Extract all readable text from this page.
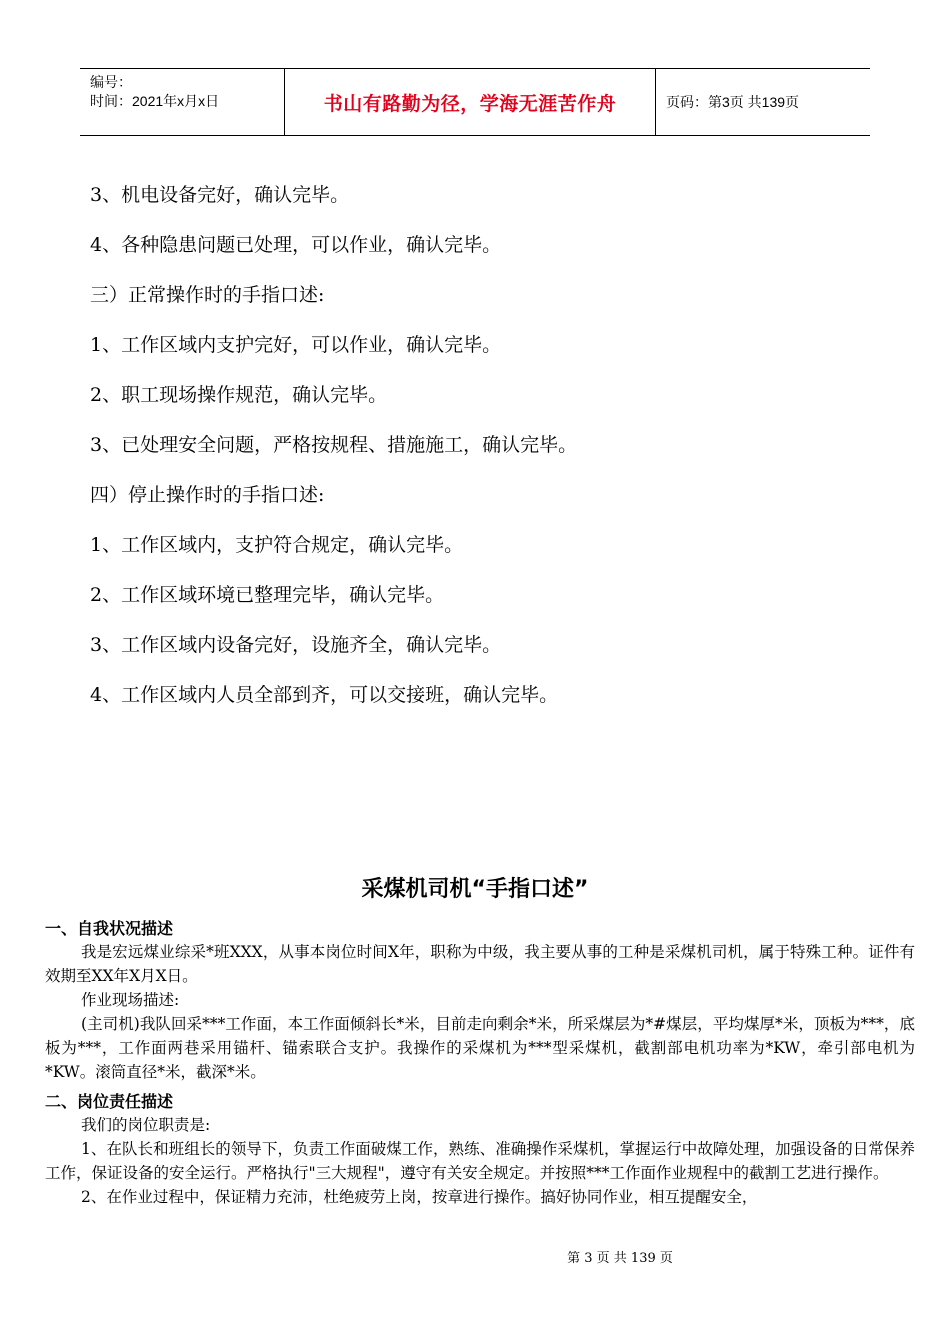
编号：
时间：2021年x月x日	书山有路勤为径，学海无涯苦作舟	页码：第3页 共139页

3、机电设备完好，确认完毕。

4、各种隐患问题已处理，可以作业，确认完毕。

三）正常操作时的手指口述:

1、工作区域内支护完好，可以作业，确认完毕。

2、职工现场操作规范，确认完毕。

3、已处理安全问题，严格按规程、措施施工，确认完毕。

四）停止操作时的手指口述:

1、工作区域内，支护符合规定，确认完毕。

2、工作区域环境已整理完毕，确认完毕。

3、工作区域内设备完好，设施齐全，确认完毕。

4、工作区域内人员全部到齐，可以交接班，确认完毕。

采煤机司机“手指口述”
一、自我状况描述

我是宏远煤业综采*班XXX，从事本岗位时间X年，职称为中级，我主要从事的工种是采煤机司机，属于特殊工种。证件有效期至XX年X月X日。

作业现场描述:

(主司机)我队回采***工作面，本工作面倾斜长*米，目前走向剩余*米，所采煤层为*#煤层，平均煤厚*米，顶板为***，底板为***，工作面两巷采用锚杆、锚索联合支护。我操作的采煤机为***型采煤机，截割部电机功率为*KW，牵引部电机为*KW。滚筒直径*米，截深*米。

二、岗位责任描述

我们的岗位职责是:

1、在队长和班组长的领导下，负责工作面破煤工作，熟练、准确操作采煤机，掌握运行中故障处理，加强设备的日常保养工作，保证设备的安全运行。严格执行"三大规程"，遵守有关安全规定。并按照***工作面作业规程中的截割工艺进行操作。

2、在作业过程中，保证精力充沛，杜绝疲劳上岗，按章进行操作。搞好协同作业，相互提醒安全，

第 3 页 共 139 页
